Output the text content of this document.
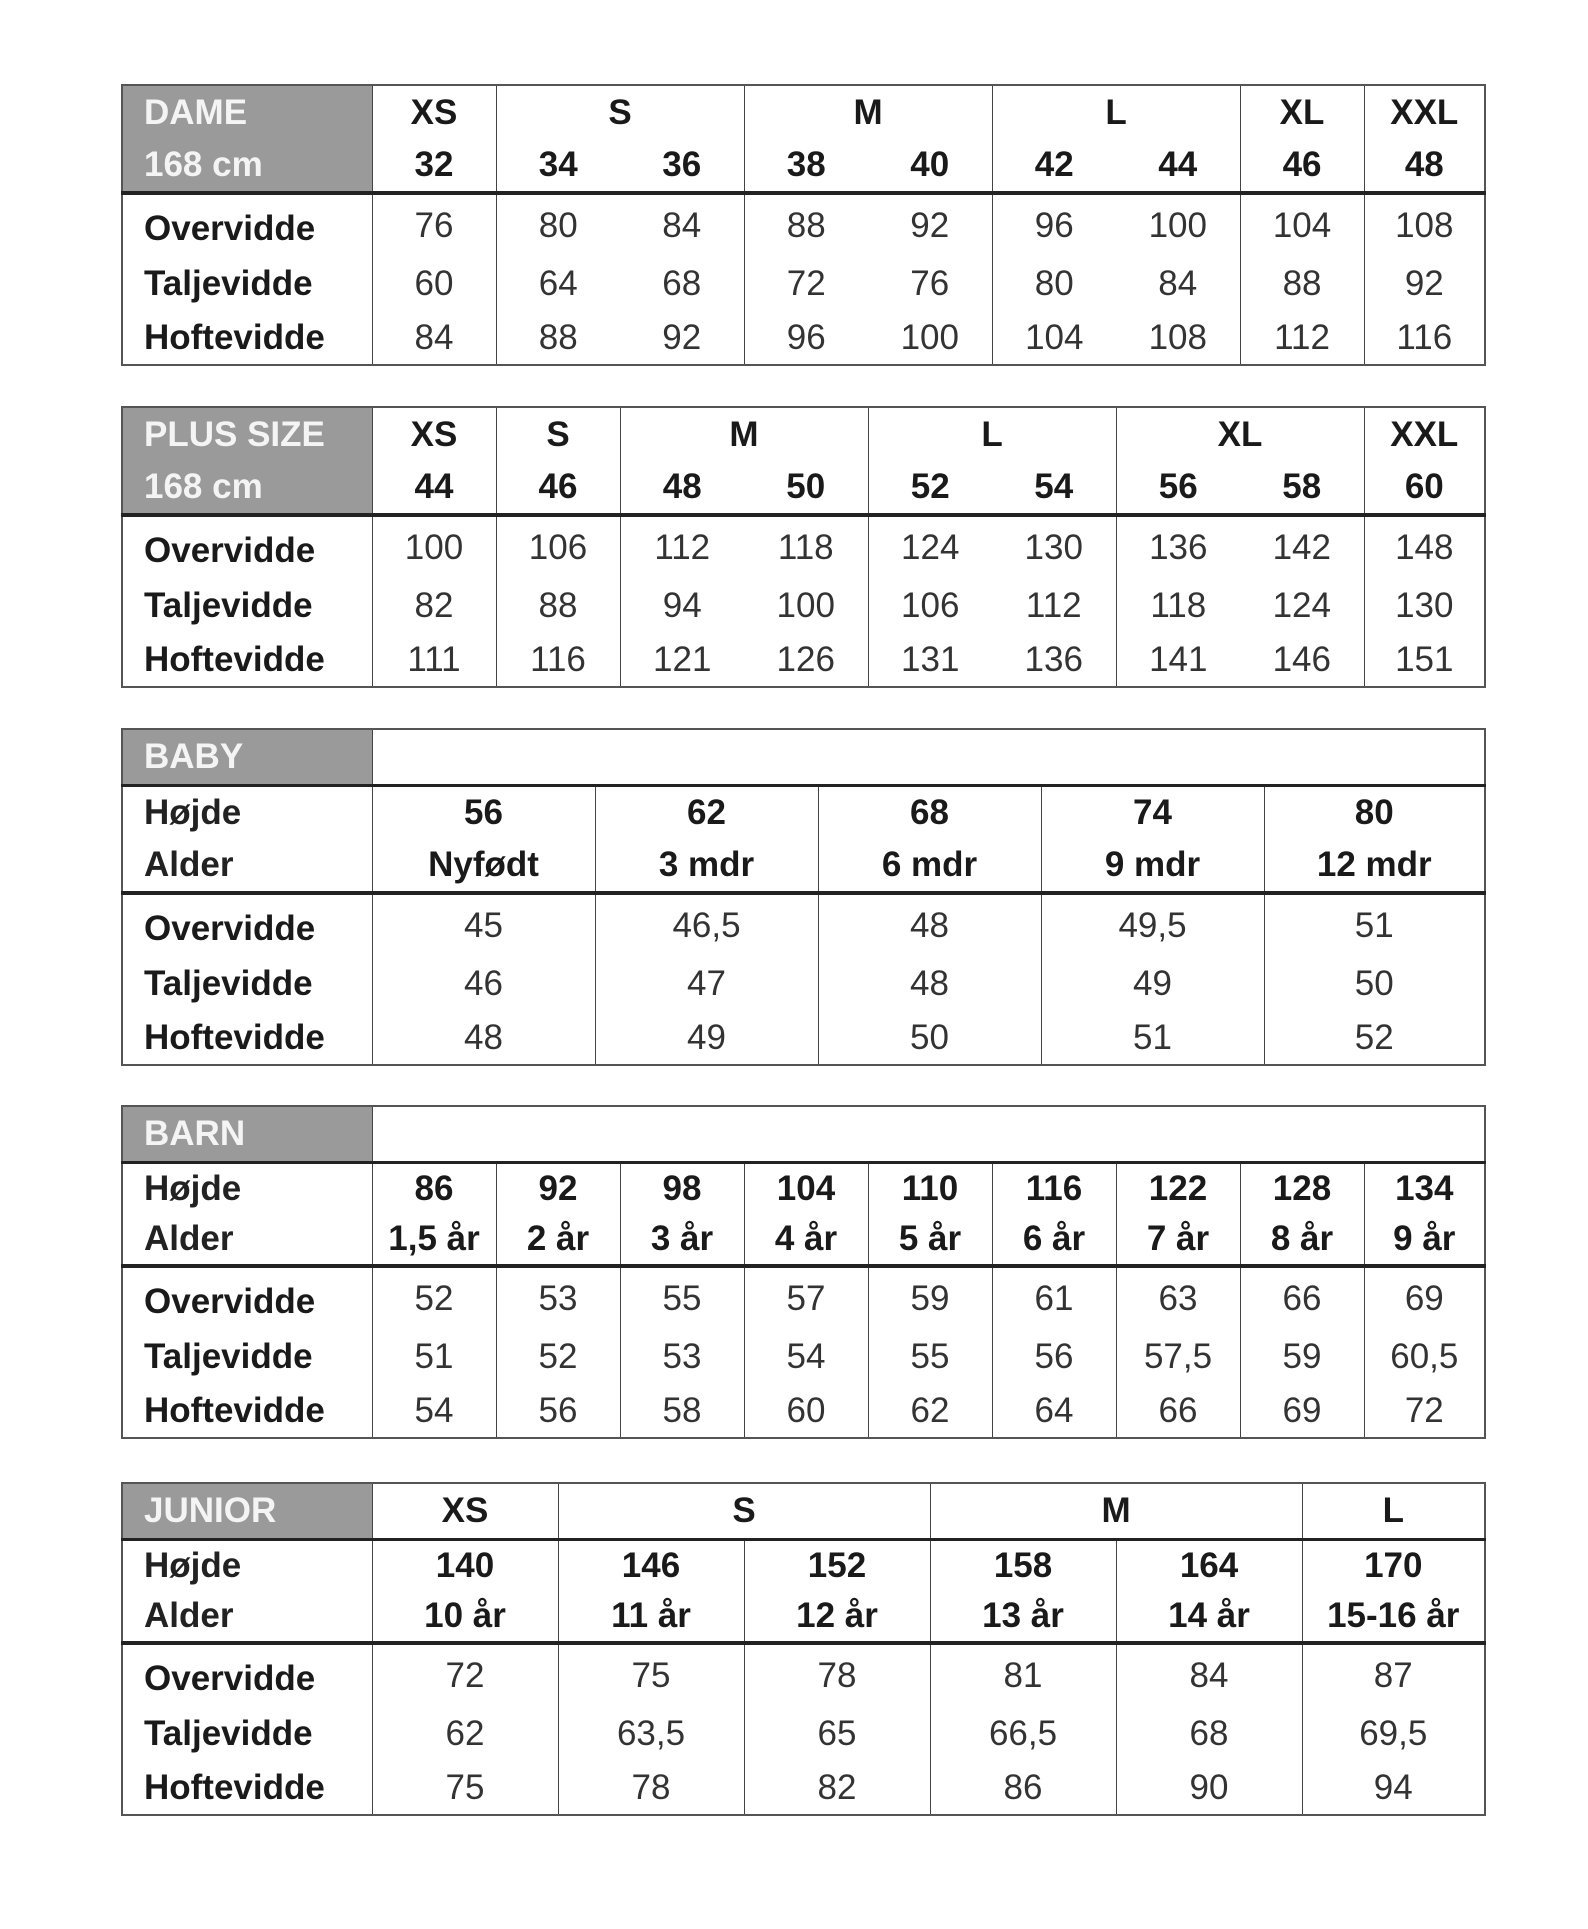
DAME	XS	S		M		L		XL	XXL
168 cm	32	34	36	38	40	42	44	46	48
Overvidde	76	80	84	88	92	96	100	104	108
Taljevidde	60	64	68	72	76	80	84	88	92
Hoftevidde	84	88	92	96	100	104	108	112	116
PLUS SIZE	XS	S	M		L		XL		XXL
168 cm	44	46	48	50	52	54	56	58	60
Overvidde	100	106	112	118	124	130	136	142	148
Taljevidde	82	88	94	100	106	112	118	124	130
Hoftevidde	111	116	121	126	131	136	141	146	151
BABY					
Højde	56	62	68	74	80
Alder	Nyfødt	3 mdr	6 mdr	9 mdr	12 mdr
Overvidde	45	46,5	48	49,5	51
Taljevidde	46	47	48	49	50
Hoftevidde	48	49	50	51	52
BARN									
Højde	86	92	98	104	110	116	122	128	134
Alder	1,5 år	2 år	3 år	4 år	5 år	6 år	7 år	8 år	9 år
Overvidde	52	53	55	57	59	61	63	66	69
Taljevidde	51	52	53	54	55	56	57,5	59	60,5
Hoftevidde	54	56	58	60	62	64	66	69	72
JUNIOR	XS	S		M		L
Højde	140	146	152	158	164	170
Alder	10 år	11 år	12 år	13 år	14 år	15-16 år
Overvidde	72	75	78	81	84	87
Taljevidde	62	63,5	65	66,5	68	69,5
Hoftevidde	75	78	82	86	90	94
